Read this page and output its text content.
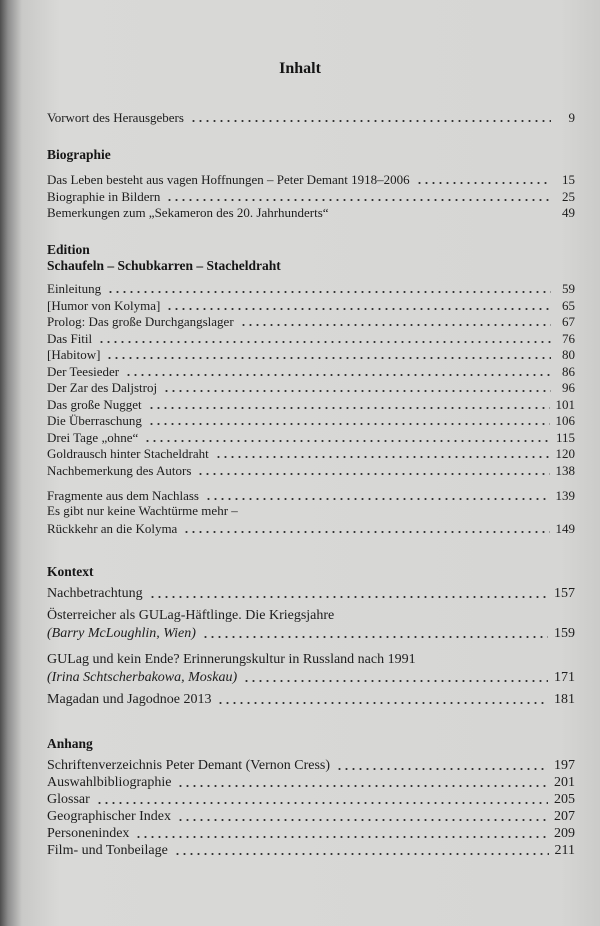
Inhalt
Vorwort des Herausgebers	9
Biographie
Das Leben besteht aus vagen Hoffnungen – Peter Demant 1918–2006	15
Biographie in Bildern	25
Bemerkungen zum „Sekameron des 20. Jahrhunderts“	49
Edition
Schaufeln – Schubkarren – Stacheldraht
Einleitung	59
[Humor von Kolyma]	65
Prolog: Das große Durchgangslager	67
Das Fitil	76
[Habitow]	80
Der Teesieder	86
Der Zar des Daljstroj	96
Das große Nugget	101
Die Überraschung	106
Drei Tage „ohne“	115
Goldrausch hinter Stacheldraht	120
Nachbemerkung des Autors	138
Fragmente aus dem Nachlass	139
Es gibt nur keine Wachtürme mehr –
Rückkehr an die Kolyma	149
Kontext
Nachbetrachtung	157
Österreicher als GULag-Häftlinge. Die Kriegsjahre
(Barry McLoughlin, Wien)	159
GULag und kein Ende? Erinnerungskultur in Russland nach 1991
(Irina Schtscherbakowa, Moskau)	171
Magadan und Jagodnoe 2013	181
Anhang
Schriftenverzeichnis Peter Demant (Vernon Cress)	197
Auswahlbibliographie	201
Glossar	205
Geographischer Index	207
Personenindex	209
Film- und Tonbeilage	211
